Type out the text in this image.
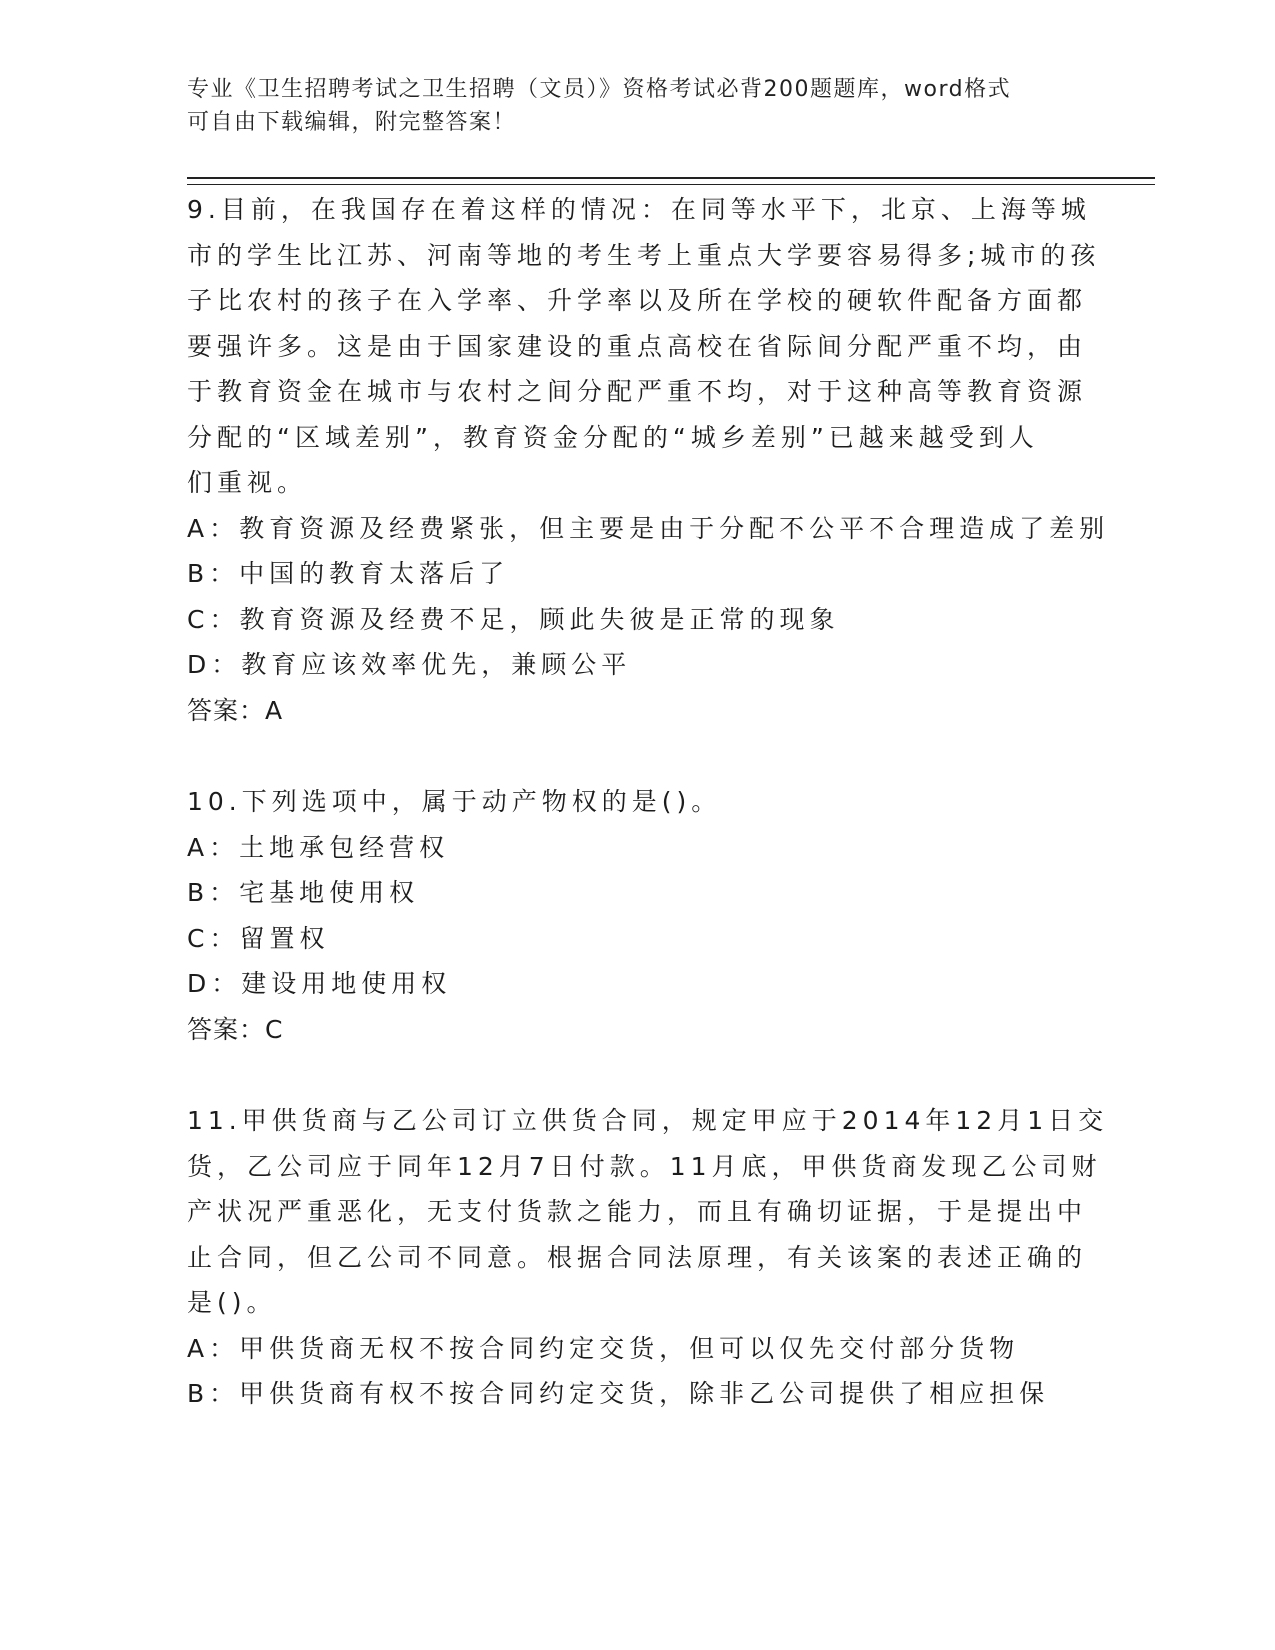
专业《卫生招聘考试之卫生招聘（文员）》资格考试必背200题题库，word格式
可自由下载编辑，附完整答案！
9.目前，在我国存在着这样的情况：在同等水平下，北京、上海等城
市的学生比江苏、河南等地的考生考上重点大学要容易得多;城市的孩
子比农村的孩子在入学率、升学率以及所在学校的硬软件配备方面都
要强许多。这是由于国家建设的重点高校在省际间分配严重不均，由
于教育资金在城市与农村之间分配严重不均，对于这种高等教育资源
分配的“区域差别”，教育资金分配的“城乡差别”已越来越受到人
们重视。
A：教育资源及经费紧张，但主要是由于分配不公平不合理造成了差别
B：中国的教育太落后了
C：教育资源及经费不足，顾此失彼是正常的现象
D：教育应该效率优先，兼顾公平
答案：A
10.下列选项中，属于动产物权的是()。
A：土地承包经营权
B：宅基地使用权
C：留置权
D：建设用地使用权
答案：C
11.甲供货商与乙公司订立供货合同，规定甲应于2014年12月1日交
货，乙公司应于同年12月7日付款。11月底，甲供货商发现乙公司财
产状况严重恶化，无支付货款之能力，而且有确切证据，于是提出中
止合同，但乙公司不同意。根据合同法原理，有关该案的表述正确的
是()。
A：甲供货商无权不按合同约定交货，但可以仅先交付部分货物
B：甲供货商有权不按合同约定交货，除非乙公司提供了相应担保
